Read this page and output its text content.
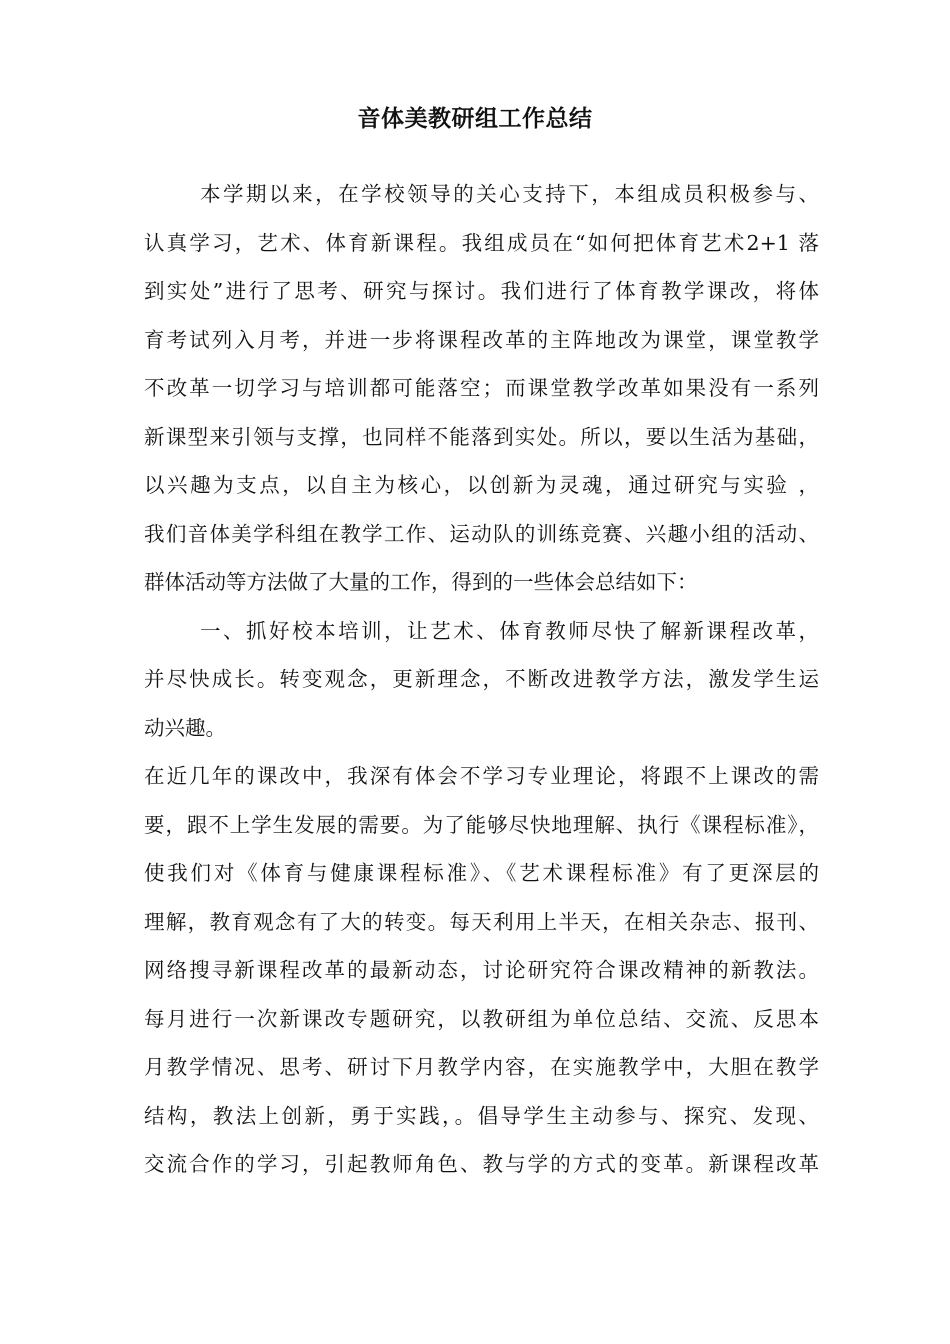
音体美教研组工作总结
本学期以来，在学校领导的关心支持下，本组成员积极参与、
认真学习，艺术、体育新课程。我组成员在“如何把体育艺术2+1 落
到实处”进行了思考、研究与探讨。我们进行了体育教学课改，将体
育考试列入月考，并进一步将课程改革的主阵地改为课堂，课堂教学
不改革一切学习与培训都可能落空；而课堂教学改革如果没有一系列
新课型来引领与支撑，也同样不能落到实处。所以，要以生活为基础，
以兴趣为支点，以自主为核心，以创新为灵魂，通过研究与实验 ，
我们音体美学科组在教学工作、运动队的训练竞赛、兴趣小组的活动、
群体活动等方法做了大量的工作，得到的一些体会总结如下：
一、抓好校本培训，让艺术、体育教师尽快了解新课程改革，
并尽快成长。转变观念，更新理念，不断改进教学方法，激发学生运
动兴趣。
在近几年的课改中，我深有体会不学习专业理论，将跟不上课改的需
要，跟不上学生发展的需要。为了能够尽快地理解、执行《课程标准》，
使我们对《体育与健康课程标准》、《艺术课程标准》有了更深层的
理解，教育观念有了大的转变。每天利用上半天，在相关杂志、报刊、
网络搜寻新课程改革的最新动态，讨论研究符合课改精神的新教法。
每月进行一次新课改专题研究，以教研组为单位总结、交流、反思本
月教学情况、思考、研讨下月教学内容，在实施教学中，大胆在教学
结构，教法上创新，勇于实践，。倡导学生主动参与、探究、发现、
交流合作的学习，引起教师角色、教与学的方式的变革。新课程改革
